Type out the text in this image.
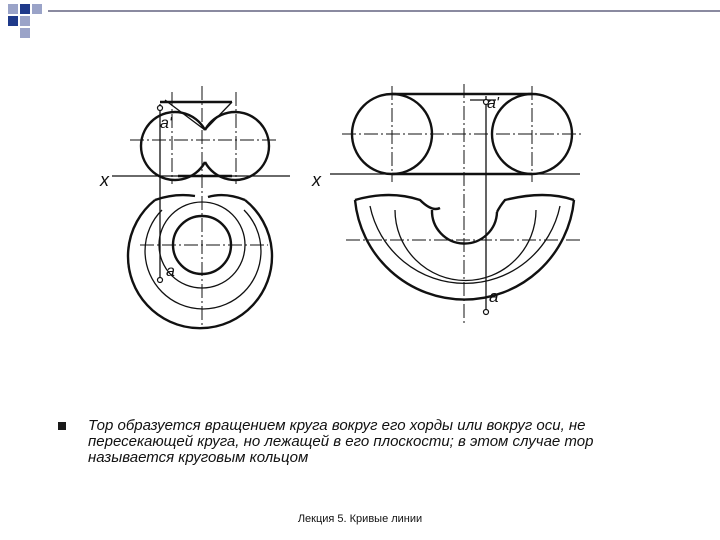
x
a'
a
x
a'
a
Тор образуется вращением круга вокруг его хорды или вокруг оси, не пересекающей круга, но лежащей в его плоскости; в этом случае тор называется круговым кольцом
Лекция 5. Кривые линии
